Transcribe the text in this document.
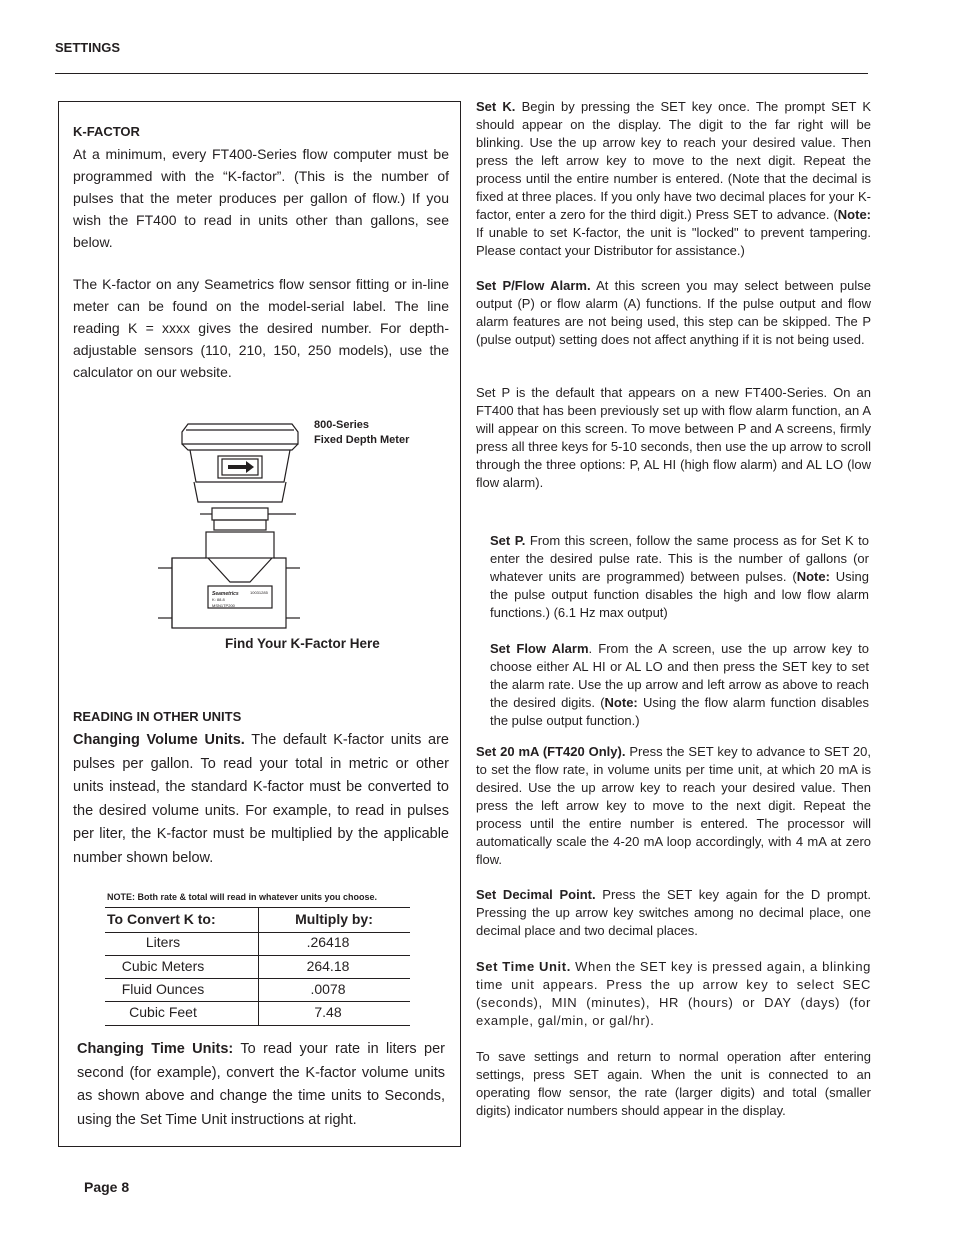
SETTINGS
K-FACTOR
At a minimum, every FT400-Series flow computer must be programmed with the “K-factor”. (This is the number of pulses that the meter produces per gallon of flow.) If you wish the FT400 to read in units other than gallons, see below.
The K-factor on any Seametrics flow sensor fitting or in-line meter can be found on the model-serial label. The line reading K = xxxx gives the desired number. For depth-adjustable sensors (110, 210, 150, 250 models), use the calculator on our website.
Seametrics
K: 88.8
MSN1TP200
10031285
800-Series
Fixed Depth Meter
Find Your K-Factor Here
READING IN OTHER UNITS
Changing Volume Units. The default K-factor units are pulses per gallon. To read your total in metric or other units instead, the standard K-factor must be converted to the desired volume units. For example, to read in pulses per liter, the K-factor must be multiplied by the applicable number shown below.
NOTE: Both rate & total will read in whatever units you choose.
To Convert K to:	Multiply by:
Liters	.26418
Cubic Meters	264.18
Fluid Ounces	.0078
Cubic Feet	7.48
Changing Time Units: To read your rate in liters per second (for example), convert the K-factor volume units as shown above and change the time units to Seconds, using the Set Time Unit instructions at right.
Set K. Begin by pressing the SET key once. The prompt SET K should appear on the display. The digit to the far right will be blinking. Use the up arrow key to reach your desired value. Then press the left arrow key to move to the next digit. Repeat the process until the entire number is entered. (Note that the decimal is fixed at three places. If you only have two decimal places for your K-factor, enter a zero for the third digit.) Press SET to advance. (Note: If unable to set K-factor, the unit is "locked" to prevent tampering. Please contact your Distributor for assistance.)
Set P/Flow Alarm. At this screen you may select between pulse output (P) or flow alarm (A) functions. If the pulse output and flow alarm features are not being used, this step can be skipped. The P (pulse output) setting does not affect anything if it is not being used.
Set P is the default that appears on a new FT400-Series. On an FT400 that has been previously set up with flow alarm function, an A will appear on this screen. To move between P and A screens, firmly press all three keys for 5-10 seconds, then use the up arrow to scroll through the three options: P, AL HI (high flow alarm) and AL LO (low flow alarm).
Set P. From this screen, follow the same process as for Set K to enter the desired pulse rate. This is the number of gallons (or whatever units are programmed) between pulses. (Note: Using the pulse output function disables the high and low flow alarm functions.) (6.1 Hz max output)
Set Flow Alarm. From the A screen, use the up arrow key to choose either AL HI or AL LO and then press the SET key to set the alarm rate. Use the up arrow and left arrow as above to reach the desired digits. (Note: Using the flow alarm function disables the pulse output function.)
Set 20 mA (FT420 Only). Press the SET key to advance to SET 20, to set the flow rate, in volume units per time unit, at which 20 mA is desired. Use the up arrow key to reach your desired value. Then press the left arrow key to move to the next digit. Repeat the process until the entire number is entered. The processor will automatically scale the 4-20 mA loop accordingly, with 4 mA at zero flow.
Set Decimal Point. Press the SET key again for the D prompt. Pressing the up arrow key switches among no decimal place, one decimal place and two decimal places.
Set Time Unit. When the SET key is pressed again, a blinking time unit appears. Press the up arrow key to select SEC (seconds), MIN (minutes), HR (hours) or DAY (days) (for example, gal/min, or gal/hr).
To save settings and return to normal operation after entering settings, press SET again. When the unit is connected to an operating flow sensor, the rate (larger digits) and total (smaller digits) indicator numbers should appear in the display.
Page 8
